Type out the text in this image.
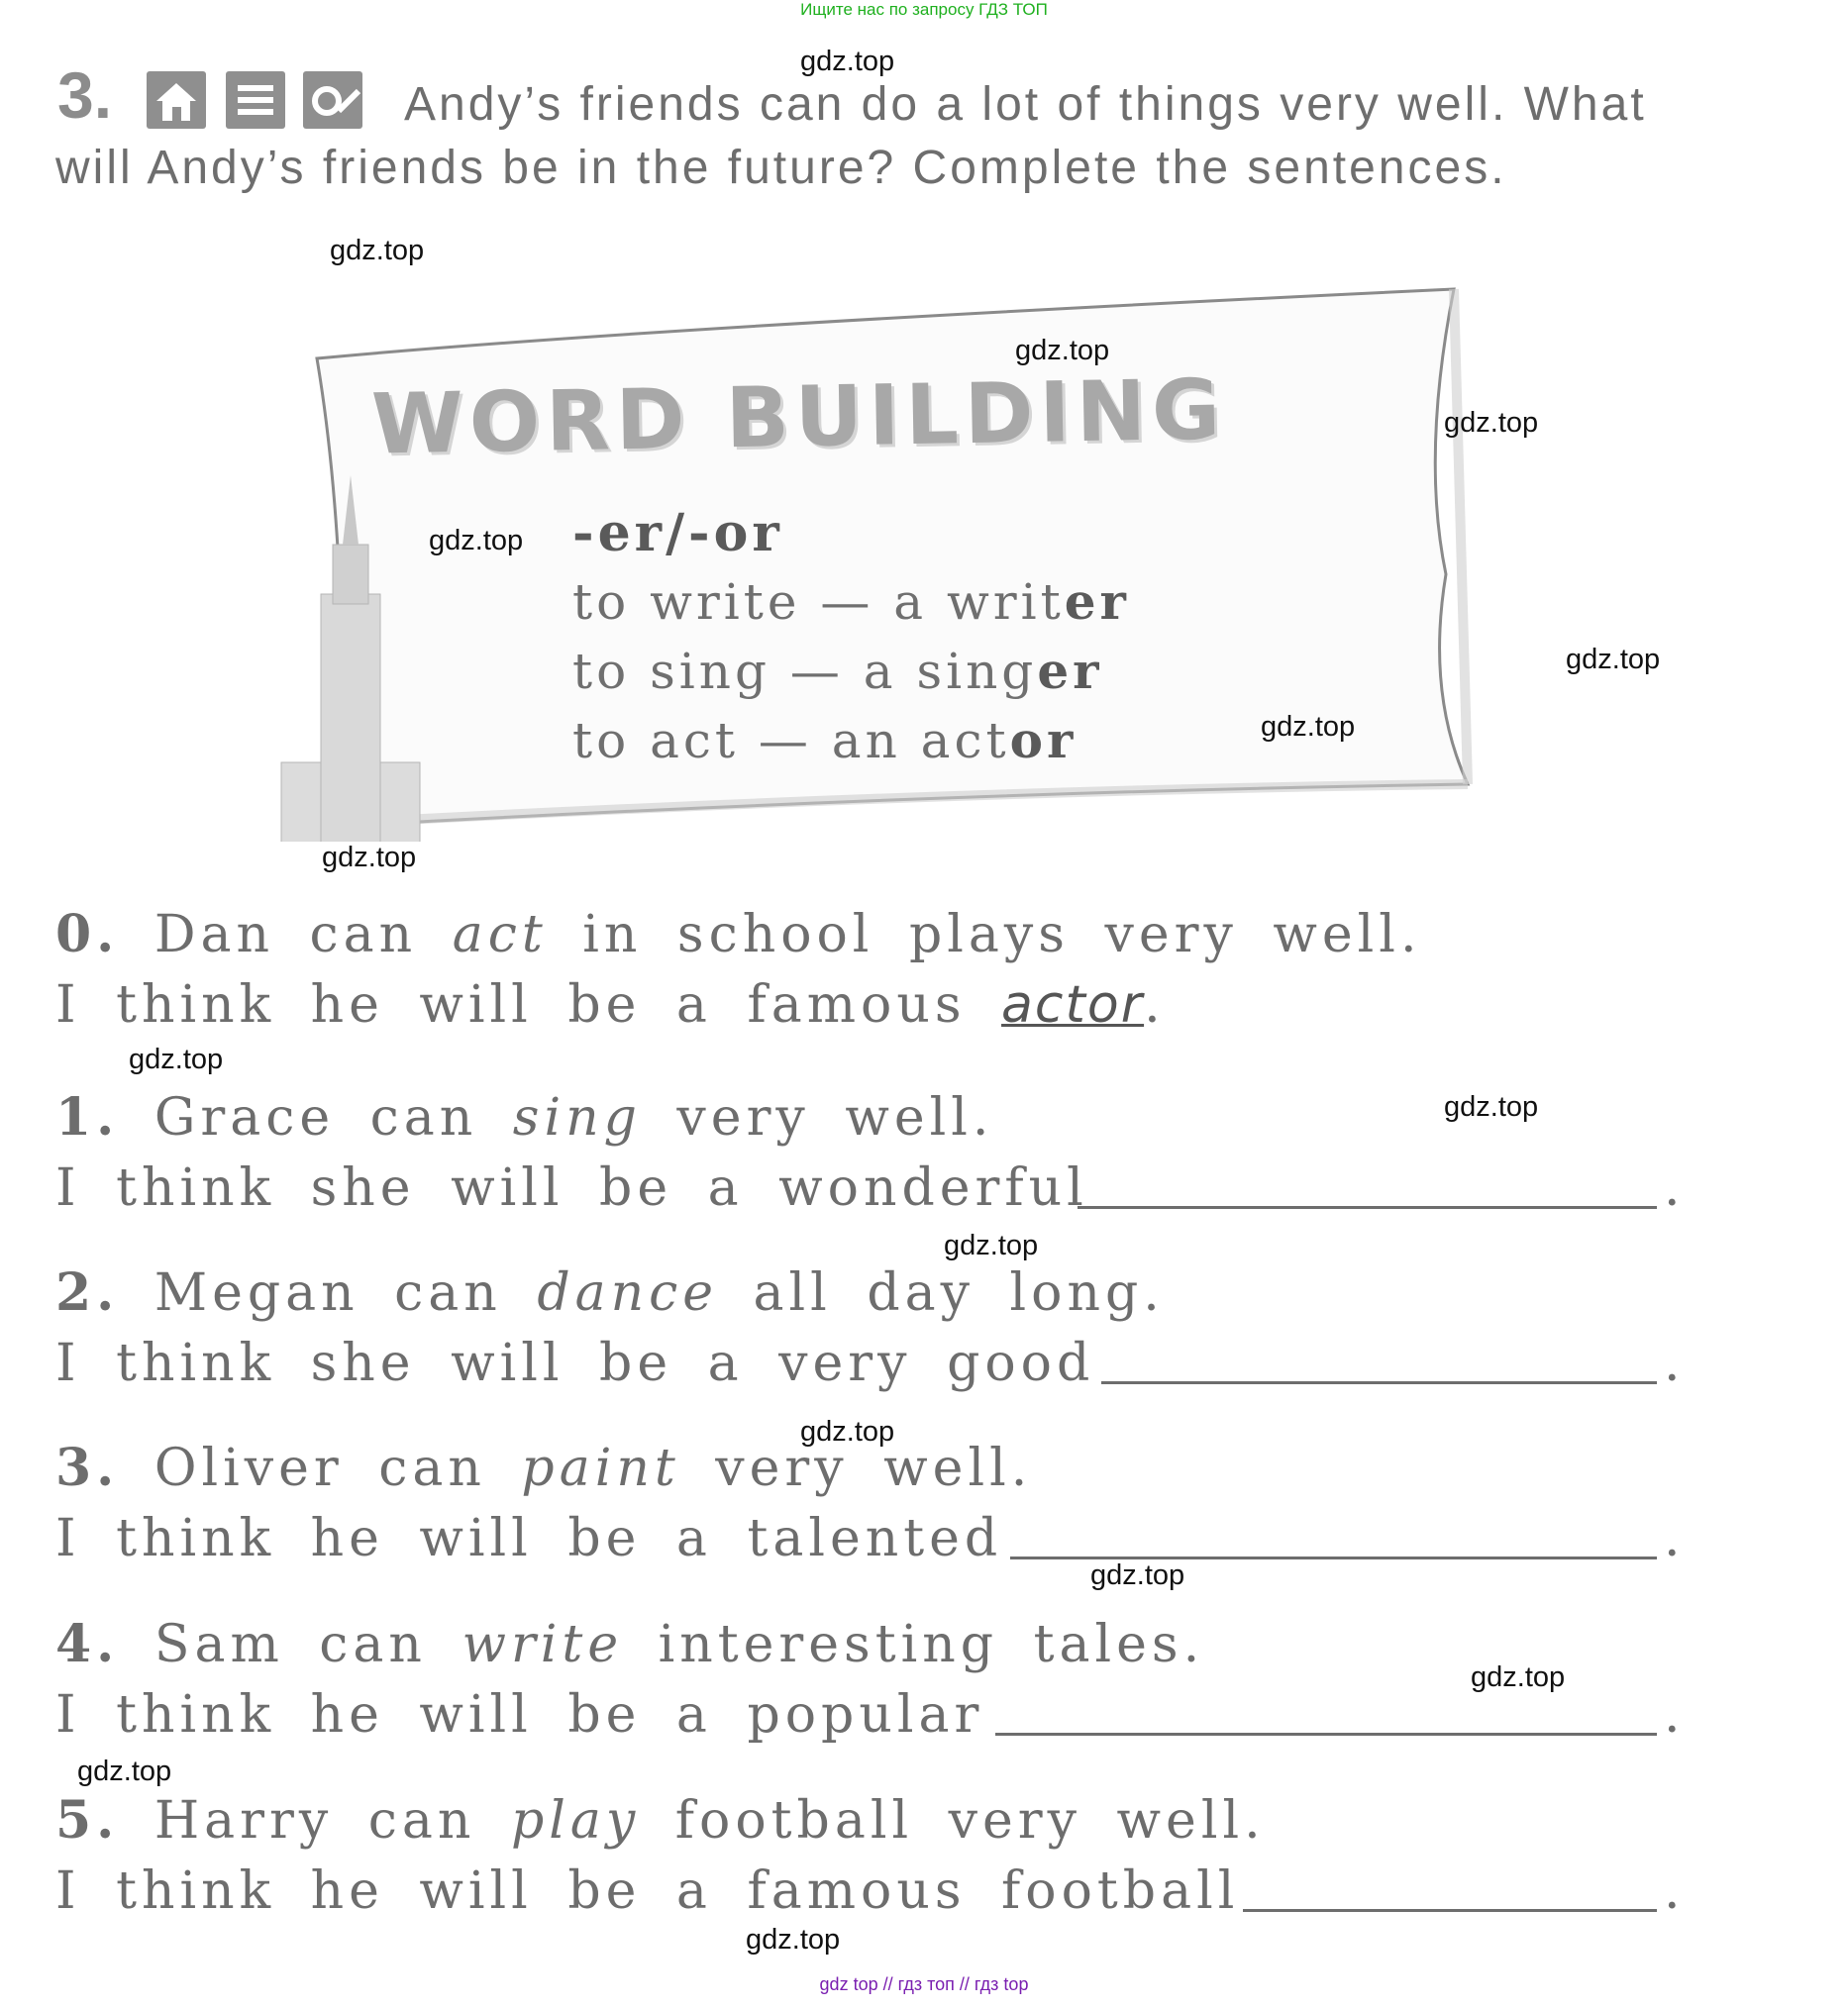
Ищите нас по запросу ГДЗ ТОП
3.	Andy’s friends can do a lot of things very well. What will Andy’s friends be in the future? Complete the sentences.
WORD BUILDING
-er/-or
to write — a writer
to sing — a singer
to act — an actor
0. Dan can act in school plays very well.
I think he will be a famous actor.
1. Grace can sing very well.
I think she will be a wonderful	.
2. Megan can dance all day long.
I think she will be a very good	.
3. Oliver can paint very well.
I think he will be a talented	.
4. Sam can write interesting tales.
I think he will be a popular	.
5. Harry can play football very well.
I think he will be a famous football	.
gdz.top
gdz.top
gdz.top
gdz.top
gdz.top
gdz.top
gdz.top
gdz.top
gdz.top
gdz.top
gdz.top
gdz.top
gdz.top
gdz.top
gdz.top
gdz.top
gdz top // гдз топ // гдз top
